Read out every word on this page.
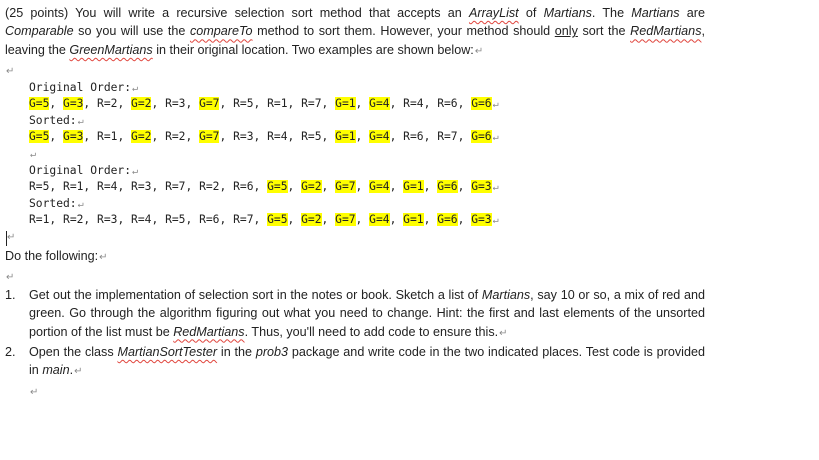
(25 points) You will write a recursive selection sort method that accepts an ArrayList of Martians. The Martians are Comparable so you will use the compareTo method to sort them. However, your method should only sort the RedMartians, leaving the GreenMartians in their original location. Two examples are shown below:↵

↵
Original Order:↵
G=5, G=3, R=2, G=2, R=3, G=7, R=5, R=1, R=7, G=1, G=4, R=4, R=6, G=6↵
Sorted:↵
G=5, G=3, R=1, G=2, R=2, G=7, R=3, R=4, R=5, G=1, G=4, R=6, R=7, G=6↵
↵
Original Order:↵
R=5, R=1, R=4, R=3, R=7, R=2, R=6, G=5, G=2, G=7, G=4, G=1, G=6, G=3↵
Sorted:↵
R=1, R=2, R=3, R=4, R=5, R=6, R=7, G=5, G=2, G=7, G=4, G=1, G=6, G=3↵
↵

Do the following:↵

↵
1. Get out the implementation of selection sort in the notes or book. Sketch a list of Martians, say 10 or so, a mix of red and green. Go through the algorithm figuring out what you need to change. Hint: the first and last elements of the unsorted portion of the list must be RedMartians. Thus, you'll need to add code to ensure this.↵
2. Open the class MartianSortTester in the prob3 package and write code in the two indicated places. Test code is provided in main.↵
↵
